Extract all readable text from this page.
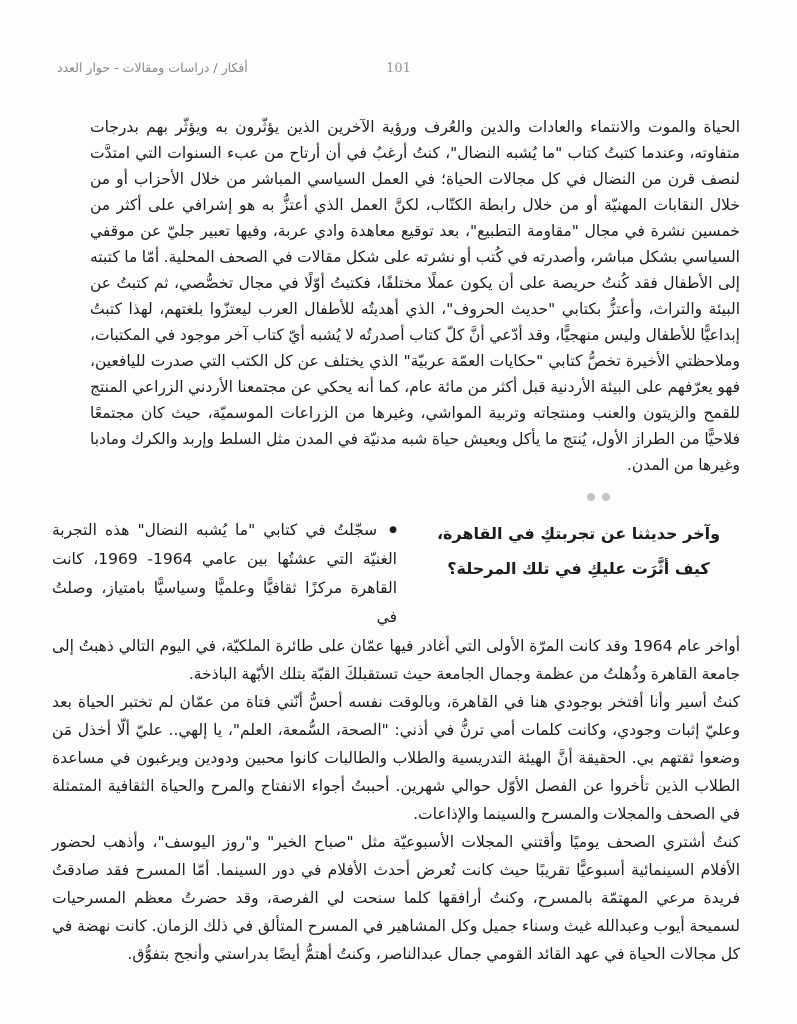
أفكار / دراسات ومقالات - حوار العدد	101

الحياة والموت والانتماء والعادات والدين والعُرف ورؤية الآخرين الذين يؤثّرون به ويؤثّر بهم بدرجات متفاوته، وعندما كتبتُ كتاب "ما يُشبه النضال"، كنتُ أرغبُ في أن أرتاح من عبء السنوات التي امتدَّت لنصف قرن من النضال في كل مجالات الحياة؛ في العمل السياسي المباشر من خلال الأحزاب أو من خلال النقابات المهنيّة أو من خلال رابطة الكتّاب، لكنَّ العمل الذي أعتزُّ به هو إشرافي على أكثر من خمسين نشرة في مجال "مقاومة التطبيع"، بعد توقيع معاهدة وادي عربة، وفيها تعبير جليّ عن موقفي السياسي بشكل مباشر، وأصدرته في كُتب أو نشرته على شكل مقالات في الصحف المحلية. أمّا ما كتبته إلى الأطفال فقد كُنتُ حريصة على أن يكون عملًا مختلفًا، فكتبتُ أوّلًا في مجال تخصُّصي، ثم كتبتُ عن البيئة والتراث، وأعتزُّ بكتابي "حديث الحروف"، الذي أهديتُه للأطفال العرب ليعتزّوا بلغتهم، لهذا كتبتُ إبداعيًّا للأطفال وليس منهجيًّا، وقد أدّعي أنَّ كلّ كتاب أصدرتُه لا يُشبه أيّ كتاب آخر موجود في المكتبات، وملاحظتي الأخيرة تخصُّ كتابي "حكايات العمّة عربيّة" الذي يختلف عن كل الكتب التي صدرت لليافعين، فهو يعرّفهم على البيئة الأردنية قبل أكثر من مائة عام، كما أنه يحكي عن مجتمعنا الأردني الزراعي المنتج للقمح والزيتون والعنب ومنتجاته وتربية المواشي، وغيرها من الزراعات الموسميّة، حيث كان مجتمعًا فلاحيًّا من الطراز الأول، يُنتج ما يأكل ويعيش حياة شبه مدنيّة في المدن مثل السلط وإربد والكرك ومادبا وغيرها من المدن.

وآخر حديثنا عن تجربتكِ في القاهرة، كيف أثَّرَت عليكِ في تلك المرحلة؟
●سجّلتُ في كتابي "ما يُشبه النضال" هذه التجربة الغنيّة التي عشتُها بين عامي 1964- 1969، كانت القاهرة مركزًا ثقافيًّا وعلميًّا وسياسيًّا بامتياز، وصلتُ في

أواخر عام 1964 وقد كانت المرّة الأولى التي أغادر فيها عمّان على طائرة الملكيّة، في اليوم التالي ذهبتُ إلى جامعة القاهرة وذُهلتُ من عظمة وجمال الجامعة حيث تستقبلكَ القبّة بتلك الأبّهة الباذخة.

كنتُ أسير وأنا أفتخر بوجودي هنا في القاهرة، وبالوقت نفسه أحسُّ أنّني فتاة من عمّان لم تختبر الحياة بعد وعليّ إثبات وجودي، وكانت كلمات أمي ترنُّ في أذني: "الصحة، السُّمعة، العلم"، يا إلهي.. عليّ ألّا أخذل مَن وضعوا ثقتهم بي. الحقيقة أنَّ الهيئة التدريسية والطلاب والطالبات كانوا محبين ودودين ويرغبون في مساعدة الطلاب الذين تأخروا عن الفصل الأوّل حوالي شهرين. أحببتُ أجواء الانفتاح والمرح والحياة الثقافية المتمثلة في الصحف والمجلات والمسرح والسينما والإذاعات.

كنتُ أشتري الصحف يوميًا وأقتني المجلات الأسبوعيّة مثل "صباح الخير" و"روز اليوسف"، وأذهب لحضور الأفلام السينمائية أسبوعيًّا تقريبًا حيث كانت تُعرض أحدث الأفلام في دور السينما. أمّا المسرح فقد صادقتُ فريدة مرعي المهتمّة بالمسرح، وكنتُ أرافقها كلما سنحت لي الفرصة، وقد حضرتُ معظم المسرحيات لسميحة أيوب وعبدالله غيث وسناء جميل وكل المشاهير في المسرح المتألق في ذلك الزمان. كانت نهضة في كل مجالات الحياة في عهد القائد القومي جمال عبدالناصر، وكنتُ أهتمُّ أيضًا بدراستي وأنجح بتفوُّق.
